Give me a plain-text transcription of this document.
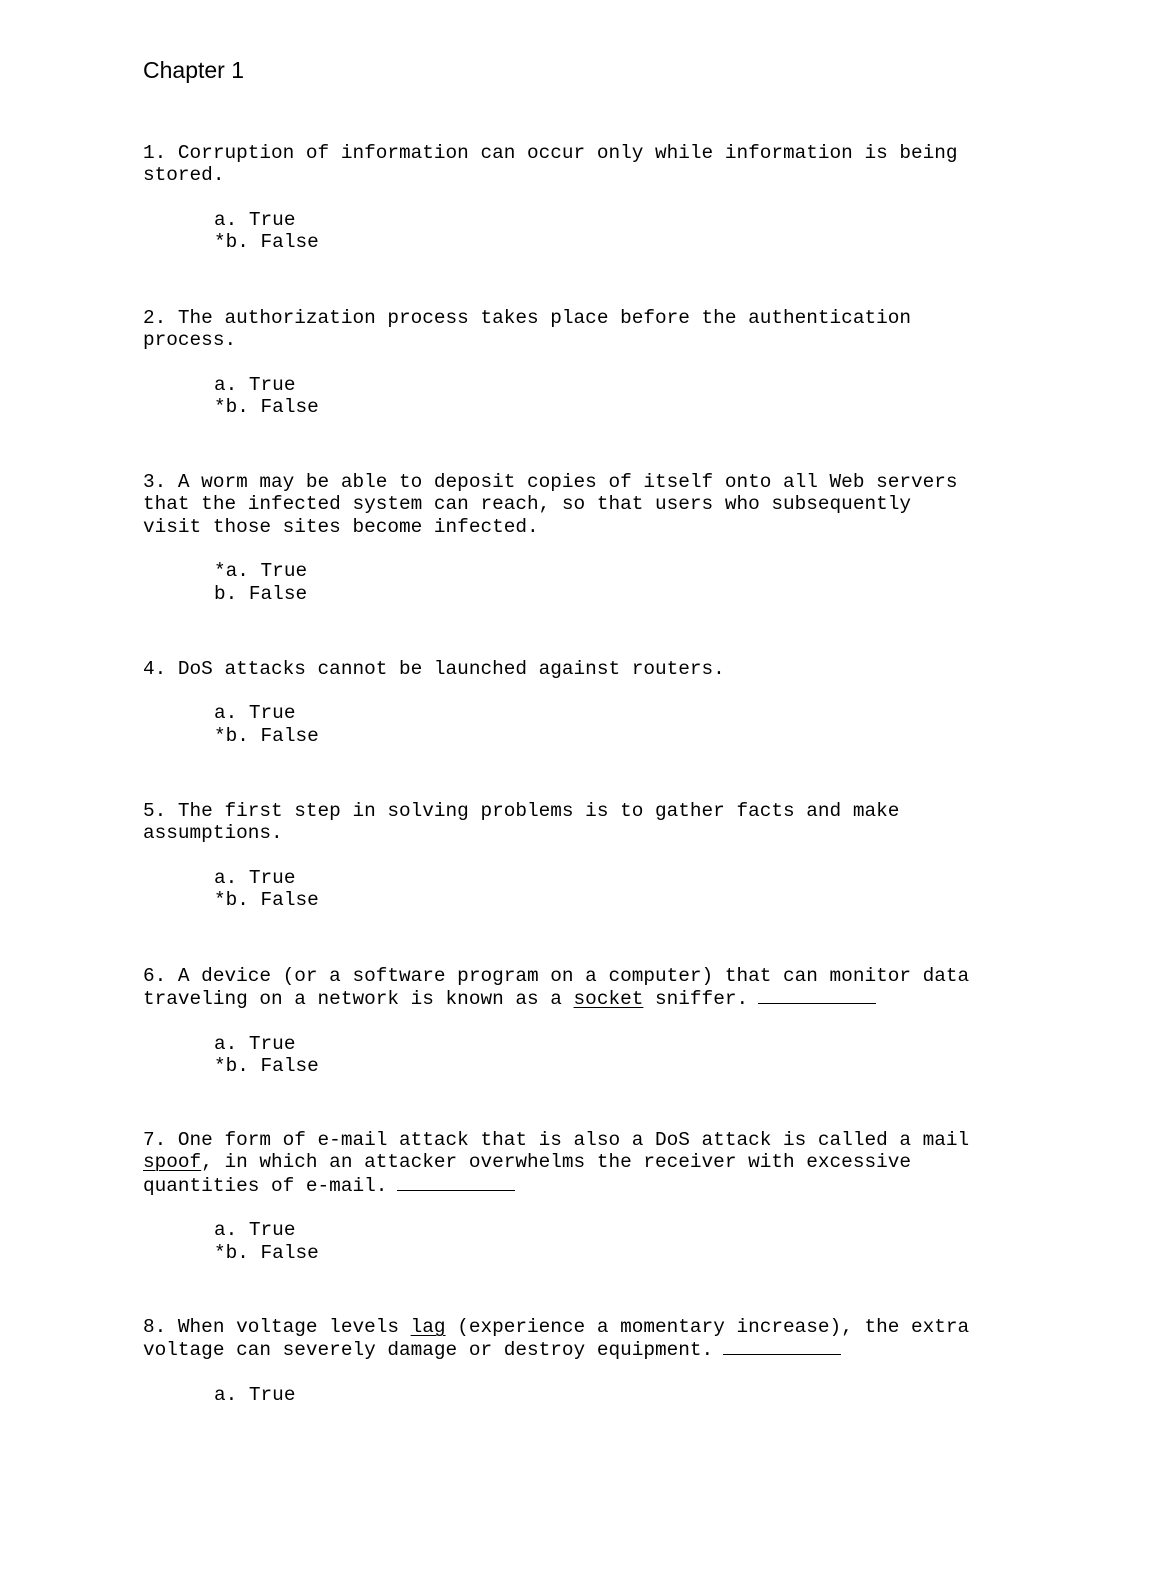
Chapter 1

1. Corruption of information can occur only while information is being
stored.

a. True
*b. False

2. The authorization process takes place before the authentication
process.

a. True
*b. False

3. A worm may be able to deposit copies of itself onto all Web servers
that the infected system can reach, so that users who subsequently
visit those sites become infected.

*a. True
b. False

4. DoS attacks cannot be launched against routers.

a. True
*b. False

5. The first step in solving problems is to gather facts and make
assumptions.

a. True
*b. False

6. A device (or a software program on a computer) that can monitor data
traveling on a network is known as a socket sniffer.

a. True
*b. False

7. One form of e-mail attack that is also a DoS attack is called a mail
spoof, in which an attacker overwhelms the receiver with excessive
quantities of e-mail.

a. True
*b. False

8. When voltage levels lag (experience a momentary increase), the extra
voltage can severely damage or destroy equipment.

a. True
